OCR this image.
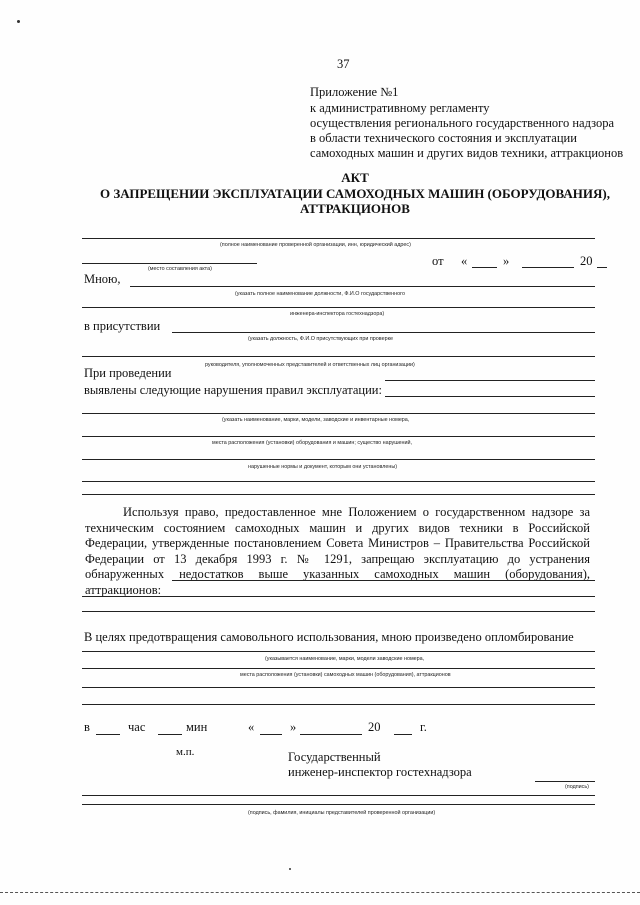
37
Приложение №1
к административному регламенту
осуществления регионального государственного надзора
в области технического состояния и эксплуатации
самоходных машин и других видов техники, аттракционов
АКТ
О ЗАПРЕЩЕНИИ ЭКСПЛУАТАЦИИ САМОХОДНЫХ МАШИН (ОБОРУДОВАНИЯ),
АТТРАКЦИОНОВ
(полное наименование проверенной организации, инн, юридический адрес)
(место составления акта)
от «	»	20
Мною,
(указать полное наименование должности, Ф.И.О государственного
инженера-инспектора гостехнадзора)
в присутствии
(указать должность, Ф.И.О присутствующих при проверке
руководителя, уполномоченных представителей и ответственных лиц организации)
При проведении
выявлены следующие нарушения правил эксплуатации:
(указать наименование, марки, модели, заводские и инвентарные номера,
места расположения (установки) оборудования и машин; существо нарушений,
нарушенные нормы и документ, которым они установлены)
Используя право, предоставленное мне Положением о государственном надзоре за
техническим состоянием самоходных машин и других видов техники в Российской
Федерации, утвержденные постановлением Совета Министров – Правительства Российской
Федерации от 13 декабря 1993 г. № 1291, запрещаю эксплуатацию до устранения
обнаруженных недостатков выше указанных самоходных машин (оборудования),
аттракционов:
В целях предотвращения самовольного использования, мною произведено опломбирование
(указывается наименование, марки, модели заводские номера,
места расположения (установки) самоходных машин (оборудования), аттракционов
в	час	мин	«	»	20	г.
м.п.	Государственный
инженер-инспектор гостехнадзора
(подпись)
(подпись, фамилия, инициалы представителей проверенной организации)
